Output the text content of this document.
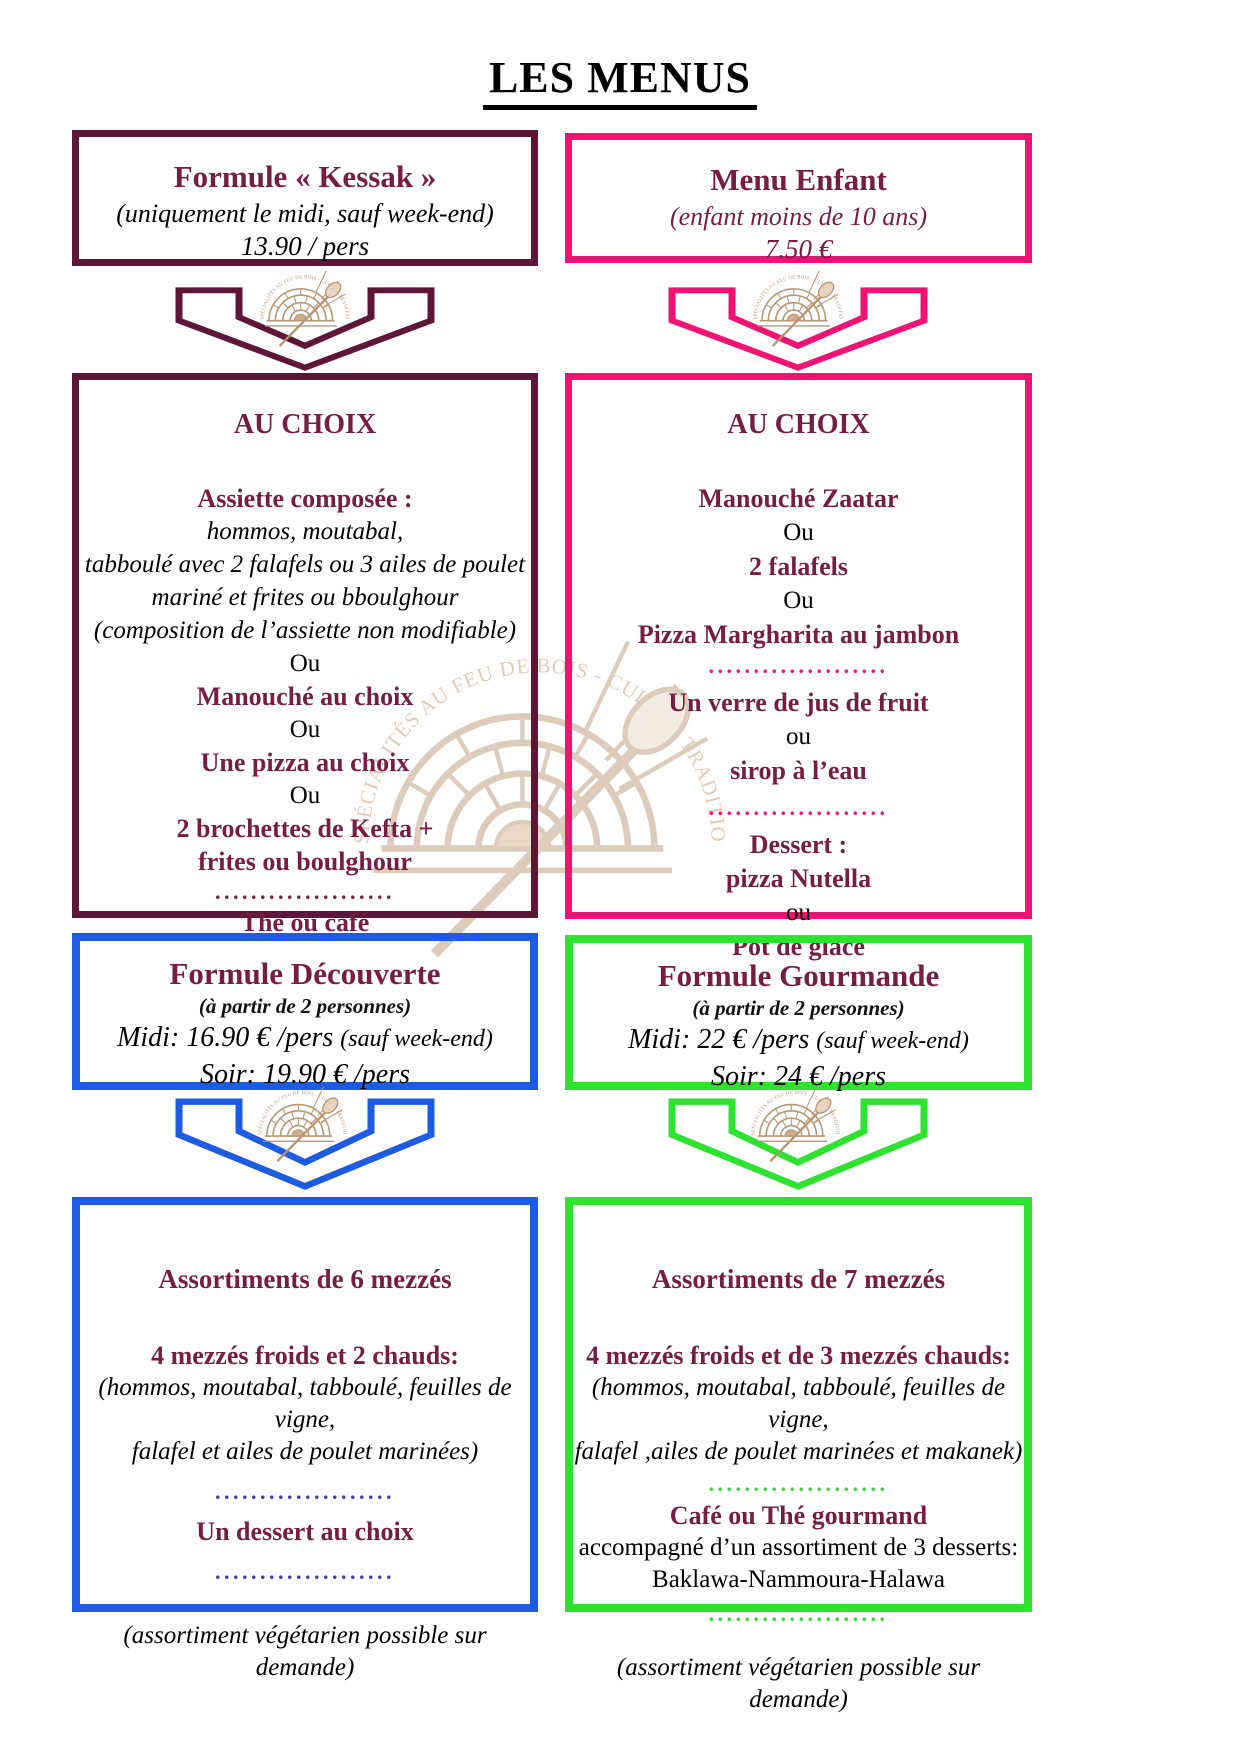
LES MENUS
Formule « Kessak »
(uniquement le midi, sauf week-end)
13.90 / pers
Menu Enfant
(enfant moins de 10 ans)
7.50 €
AU CHOIX
Assiette composée :
hommos, moutabal,
tabboulé avec 2 falafels ou 3 ailes de poulet
mariné et frites ou bboulghour
(composition de l’assiette non modifiable)
Ou
Manouché au choix
Ou
Une pizza au choix
Ou
2 brochettes de Kefta +
frites ou boulghour
....................
Thé ou café
AU CHOIX
Manouché Zaatar
Ou
2 falafels
Ou
Pizza Margharita au jambon
....................
Un verre de jus de fruit
ou
sirop à l’eau
....................
Dessert :
pizza Nutella
ou
Pot de glace
Formule Découverte
(à partir de 2 personnes)
Midi: 16.90 € /pers (sauf week-end)
Soir: 19.90 € /pers
Formule Gourmande
(à partir de 2 personnes)
Midi: 22 € /pers (sauf week-end)
Soir: 24 € /pers
Assortiments de 6 mezzés
4 mezzés froids et 2 chauds:
(hommos, moutabal, tabboulé, feuilles de vigne,
falafel et ailes de poulet marinées)
....................
Un dessert au choix
....................
(assortiment végétarien possible sur demande)
Assortiments de 7 mezzés
4 mezzés froids et de 3 mezzés chauds:
(hommos, moutabal, tabboulé, feuilles de vigne,
falafel ,ailes de poulet marinées et makanek)
....................
Café ou Thé gourmand
accompagné d’un assortiment de 3 desserts:
Baklawa-Nammoura-Halawa
....................
(assortiment végétarien possible sur demande)
